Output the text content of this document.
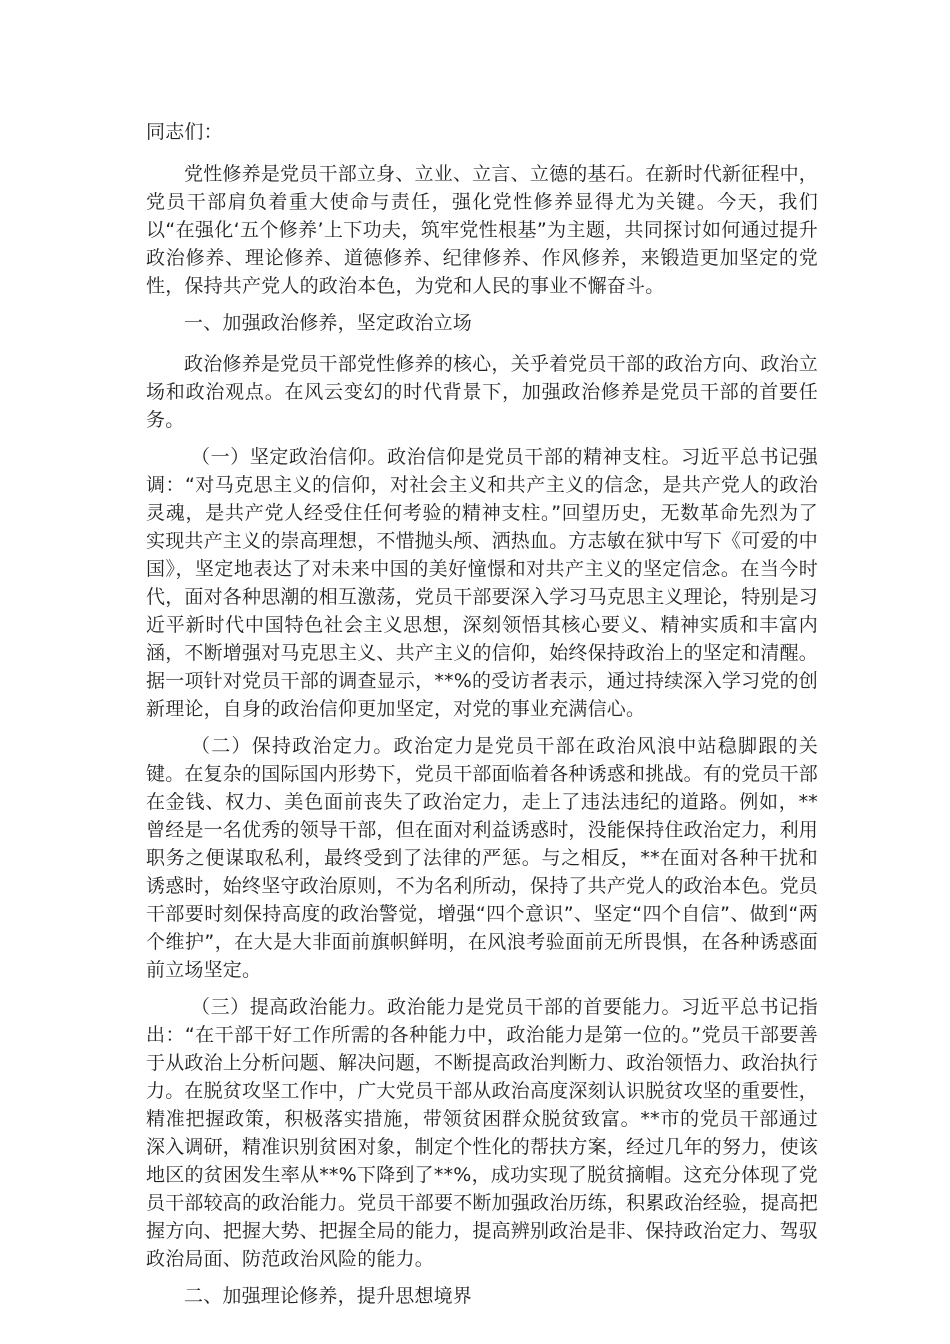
同志们：

党性修养是党员干部立身、立业、立言、立德的基石。在新时代新征程中，党员干部肩负着重大使命与责任，强化党性修养显得尤为关键。今天，我们以“在强化‘五个修养’上下功夫，筑牢党性根基”为主题，共同探讨如何通过提升政治修养、理论修养、道德修养、纪律修养、作风修养，来锻造更加坚定的党性，保持共产党人的政治本色，为党和人民的事业不懈奋斗。

一、加强政治修养，坚定政治立场

政治修养是党员干部党性修养的核心，关乎着党员干部的政治方向、政治立场和政治观点。在风云变幻的时代背景下，加强政治修养是党员干部的首要任务。

（一）坚定政治信仰。政治信仰是党员干部的精神支柱。习近平总书记强调：“对马克思主义的信仰，对社会主义和共产主义的信念，是共产党人的政治灵魂，是共产党人经受住任何考验的精神支柱。”回望历史，无数革命先烈为了实现共产主义的崇高理想，不惜抛头颅、洒热血。方志敏在狱中写下《可爱的中国》，坚定地表达了对未来中国的美好憧憬和对共产主义的坚定信念。在当今时代，面对各种思潮的相互激荡，党员干部要深入学习马克思主义理论，特别是习近平新时代中国特色社会主义思想，深刻领悟其核心要义、精神实质和丰富内涵，不断增强对马克思主义、共产主义的信仰，始终保持政治上的坚定和清醒。据一项针对党员干部的调查显示，**%的受访者表示，通过持续深入学习党的创新理论，自身的政治信仰更加坚定，对党的事业充满信心。

（二）保持政治定力。政治定力是党员干部在政治风浪中站稳脚跟的关键。在复杂的国际国内形势下，党员干部面临着各种诱惑和挑战。有的党员干部在金钱、权力、美色面前丧失了政治定力，走上了违法违纪的道路。例如，**曾经是一名优秀的领导干部，但在面对利益诱惑时，没能保持住政治定力，利用职务之便谋取私利，最终受到了法律的严惩。与之相反，**在面对各种干扰和诱惑时，始终坚守政治原则，不为名利所动，保持了共产党人的政治本色。党员干部要时刻保持高度的政治警觉，增强“四个意识”、坚定“四个自信”、做到“两个维护”，在大是大非面前旗帜鲜明，在风浪考验面前无所畏惧，在各种诱惑面前立场坚定。

（三）提高政治能力。政治能力是党员干部的首要能力。习近平总书记指出：“在干部干好工作所需的各种能力中，政治能力是第一位的。”党员干部要善于从政治上分析问题、解决问题，不断提高政治判断力、政治领悟力、政治执行力。在脱贫攻坚工作中，广大党员干部从政治高度深刻认识脱贫攻坚的重要性，精准把握政策，积极落实措施，带领贫困群众脱贫致富。**市的党员干部通过深入调研，精准识别贫困对象，制定个性化的帮扶方案，经过几年的努力，使该地区的贫困发生率从**%下降到了**%，成功实现了脱贫摘帽。这充分体现了党员干部较高的政治能力。党员干部要不断加强政治历练，积累政治经验，提高把握方向、把握大势、把握全局的能力，提高辨别政治是非、保持政治定力、驾驭政治局面、防范政治风险的能力。

二、加强理论修养，提升思想境界
